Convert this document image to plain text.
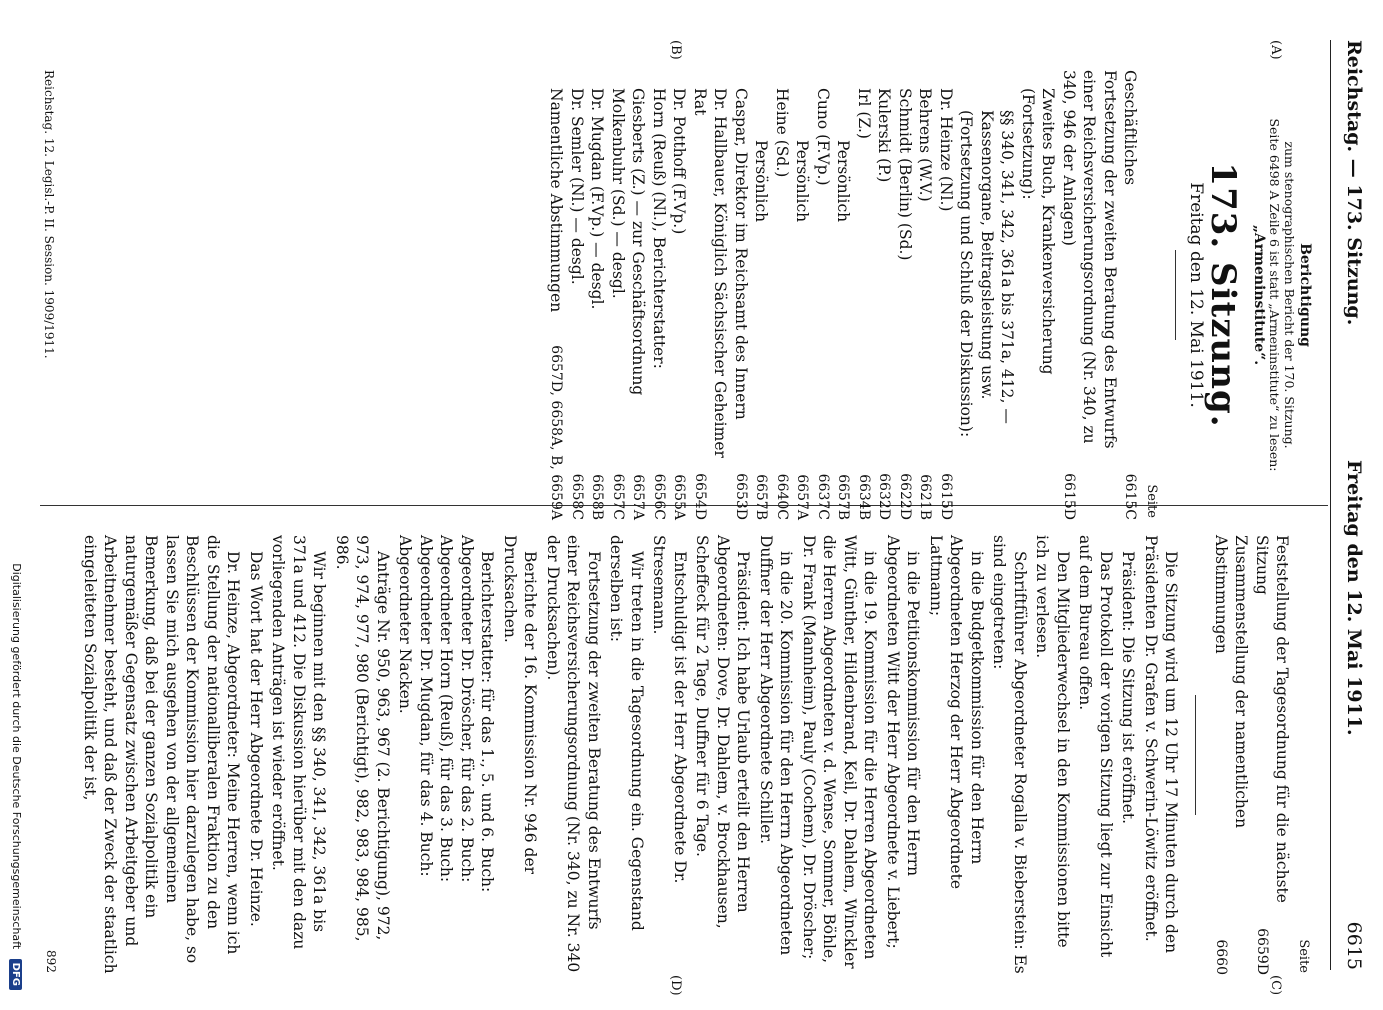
Reichstag. — 173. Sitzung.
Freitag den 12. Mai 1911.
6615
(A)
(B)
(C)
(D)
Berichtigung
zum stenographischen Bericht der 170. Sitzung.
Seite 6498 A Zeile 6 ist statt „Armeninstitute“ zu lesen:
„Armeninstitute“.
173. Sitzung.
Freitag den 12. Mai 1911.
Seite
Geschäftliches
6615C
Fortsetzung der zweiten Beratung des Entwurfs einer Reichsversicherungsordnung (Nr. 340, zu 340, 946 der Anlagen)
6615D
Zweites Buch, Krankenversicherung (Fortsetzung):
§§ 340, 341, 342, 361a bis 371a, 412, — Kassenorgane, Beitragsleistung usw. (Fortsetzung und Schluß der Diskussion):
Dr. Heinze (Nl.)
6615D
Behrens (W.V.)
6621B
Schmidt (Berlin) (Sd.)
6622D
Kulerski (P.)
6632D
Irl (Z.)
6634B
Persönlich
6657B
Cuno (F.Vp.)
6637C
Persönlich
6657A
Heine (Sd.)
6640C
Persönlich
6657B
Caspar, Direktor im Reichsamt des Innern
6653D
Dr. Hallbauer, Königlich Sächsischer Geheimer Rat
6654D
Dr. Potthoff (F.Vp.)
6655A
Horn (Reuß) (Nl.), Berichterstatter:
6656C
Giesberts (Z.) — zur Geschäftsordnung
6657A
Molkenbuhr (Sd.) — desgl.
6657C
Dr. Mugdan (F.Vp.) — desgl.
6658B
Dr. Semler (Nl.) — desgl.
6658C
Namentliche Abstimmungen
6657D, 6658A, B, 6659A
Seite
Feststellung der Tagesordnung für die nächste Sitzung
6659D
Zusammenstellung der namentlichen Abstimmungen
6660
Die Sitzung wird um 12 Uhr 17 Minuten durch den Präsidenten Dr. Grafen v. Schwerin-Löwitz eröffnet.
Präsident: Die Sitzung ist eröffnet.
Das Protokoll der vorigen Sitzung liegt zur Einsicht auf dem Bureau offen.
Den Mitgliederwechsel in den Kommissionen bitte ich zu verlesen.
Schriftführer Abgeordneter Rogalla v. Bieberstein: Es sind eingetreten:
in die Budgetkommission für den Herrn Abgeordneten Herzog der Herr Abgeordnete Lattmann;
in die Petitionskommission für den Herrn Abgeordneten Witt der Herr Abgeordnete v. Liebert;
in die 19. Kommission für die Herren Abgeordneten Witt, Günther, Hildenbrand, Keil, Dr. Dahlem, Winckler die Herren Abgeordneten v. d. Wense, Sommer, Böhle, Dr. Frank (Mannheim), Pauly (Cochem), Dr. Dröscher;
in die 20. Kommission für den Herrn Abgeordneten Duffner der Herr Abgeordnete Schiller.
Präsident: Ich habe Urlaub erteilt den Herren Abgeordneten: Dove, Dr. Dahlem, v. Brockhausen, Scheffeck für 2 Tage, Duffner für 6 Tage.
Entschuldigt ist der Herr Abgeordnete Dr. Stresemann.
Wir treten in die Tagesordnung ein. Gegenstand derselben ist:
Fortsetzung der zweiten Beratung des Entwurfs einer Reichsversicherungsordnung (Nr. 340, zu Nr. 340 der Drucksachen).
Berichte der 16. Kommission Nr. 946 der Drucksachen.
Berichterstatter: für das 1., 5. und 6. Buch: Abgeordneter Dr. Dröscher, für das 2. Buch: Abgeordneter Horn (Reuß), für das 3. Buch: Abgeordneter Dr. Mugdan, für das 4. Buch: Abgeordneter Nacken.
Anträge Nr. 950, 963, 967 (2. Berichtigung), 972, 973, 974, 977, 980 (Berichtigt), 982, 983, 984, 985, 986.
Wir beginnen mit den §§ 340, 341, 342, 361a bis 371a und 412. Die Diskussion hierüber mit den dazu vorliegenden Anträgen ist wieder eröffnet.
Das Wort hat der Herr Abgeordnete Dr. Heinze.
Dr. Heinze, Abgeordneter: Meine Herren, wenn ich die Stellung der nationalliberalen Fraktion zu den Beschlüssen der Kommission hier darzulegen habe, so lassen Sie mich ausgehen von der allgemeinen Bemerkung, daß bei der ganzen Sozialpolitik ein naturgemäßer Gegensatz zwischen Arbeitgeber und Arbeitnehmer besteht, und daß der Zweck der staatlich eingeleiteten Sozialpolitik der ist,
Reichstag. 12. Legisl.-P. II. Session. 1909/1911.
892
Digitalisierung gefördert durch die Deutsche Forschungsgemeinschaft DFG
